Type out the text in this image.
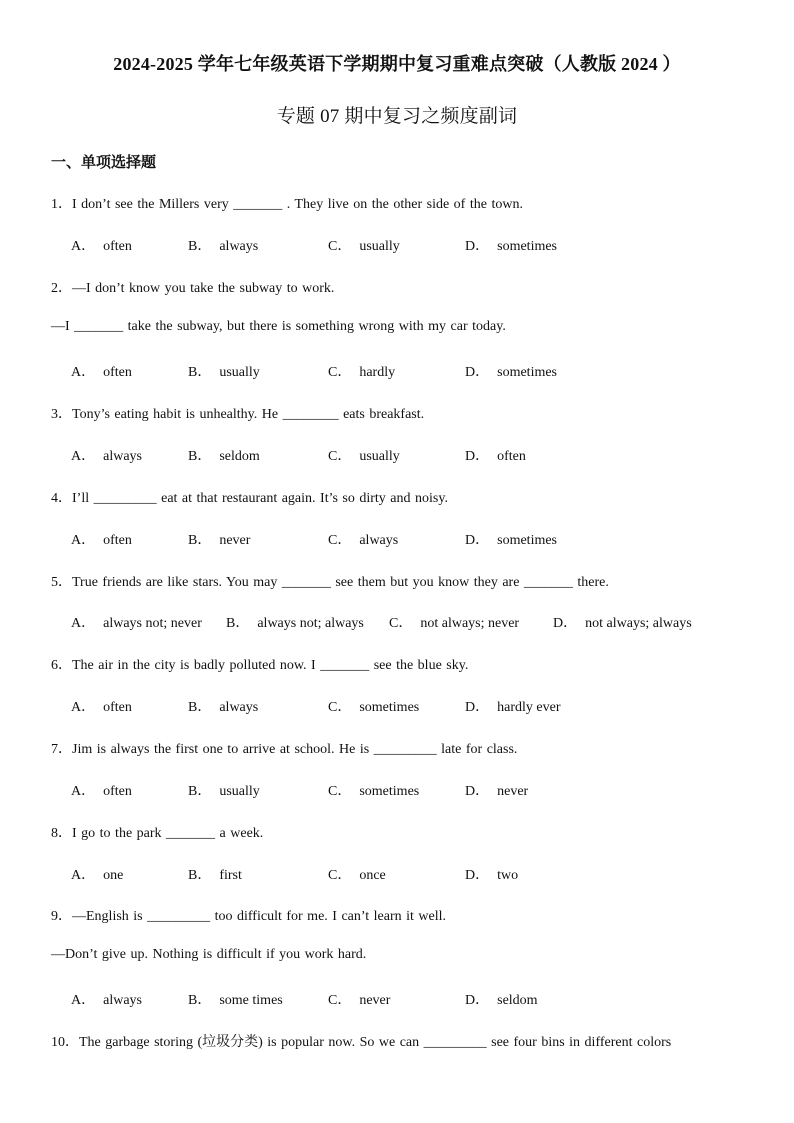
2024-2025 学年七年级英语下学期期中复习重难点突破（人教版 2024 ）
专题 07 期中复习之频度副词
一、单项选择题
1．I don’t see the Millers very _______ . They live on the other side of the town.
A． often	B． always	C． usually	D． sometimes
2．—I don’t know you take the subway to work.
—I _______ take the subway, but there is something wrong with my car today.
A． often	B． usually	C． hardly	D． sometimes
3．Tony’s eating habit is unhealthy. He ________ eats breakfast.
A． always	B． seldom	C． usually	D． often
4．I’ll _________ eat at that restaurant again. It’s so dirty and noisy.
A． often	B． never	C． always	D． sometimes
5．True friends are like stars. You may _______ see them but you know they are _______ there.
A． always not; never B． always not; always C． not always; never D． not always; always
6．The air in the city is badly polluted now. I _______ see the blue sky.
A． often	B． always	C． sometimes	D． hardly ever
7．Jim is always the first one to arrive at school. He is _________ late for class.
A． often	B． usually	C． sometimes	D． never
8．I go to the park _______ a week.
A． one	B． first	C． once	D． two
9．—English is _________ too difficult for me. I can’t learn it well.
—Don’t give up. Nothing is difficult if you work hard.
A． always	B． some times	C． never	D． seldom
10．The garbage storing (垃圾分类) is popular now. So we can _________ see four bins in different colors
